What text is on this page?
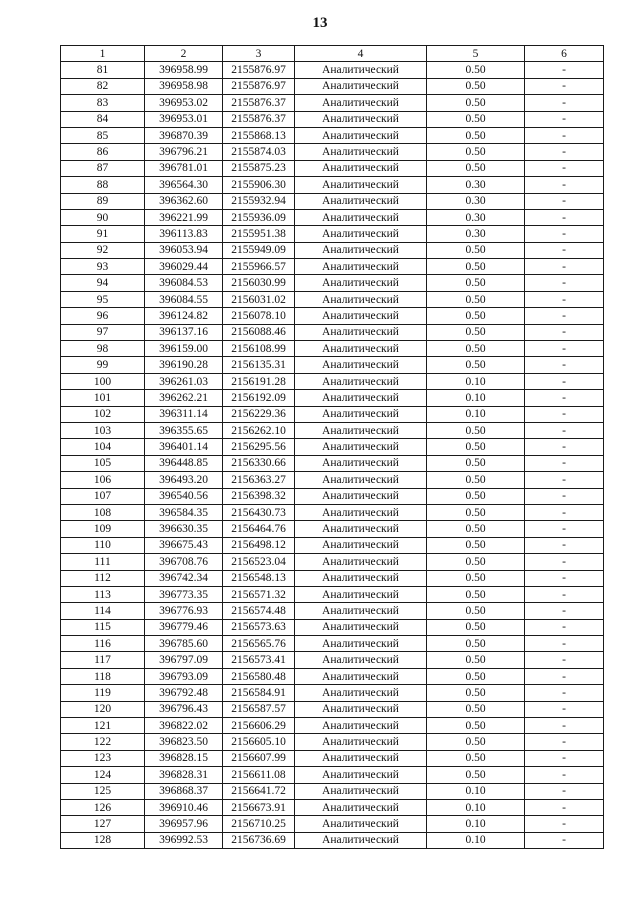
13
1	2	3	4	5	6
81	396958.99	2155876.97	Аналитический	0.50	-
82	396958.98	2155876.97	Аналитический	0.50	-
83	396953.02	2155876.37	Аналитический	0.50	-
84	396953.01	2155876.37	Аналитический	0.50	-
85	396870.39	2155868.13	Аналитический	0.50	-
86	396796.21	2155874.03	Аналитический	0.50	-
87	396781.01	2155875.23	Аналитический	0.50	-
88	396564.30	2155906.30	Аналитический	0.30	-
89	396362.60	2155932.94	Аналитический	0.30	-
90	396221.99	2155936.09	Аналитический	0.30	-
91	396113.83	2155951.38	Аналитический	0.30	-
92	396053.94	2155949.09	Аналитический	0.50	-
93	396029.44	2155966.57	Аналитический	0.50	-
94	396084.53	2156030.99	Аналитический	0.50	-
95	396084.55	2156031.02	Аналитический	0.50	-
96	396124.82	2156078.10	Аналитический	0.50	-
97	396137.16	2156088.46	Аналитический	0.50	-
98	396159.00	2156108.99	Аналитический	0.50	-
99	396190.28	2156135.31	Аналитический	0.50	-
100	396261.03	2156191.28	Аналитический	0.10	-
101	396262.21	2156192.09	Аналитический	0.10	-
102	396311.14	2156229.36	Аналитический	0.10	-
103	396355.65	2156262.10	Аналитический	0.50	-
104	396401.14	2156295.56	Аналитический	0.50	-
105	396448.85	2156330.66	Аналитический	0.50	-
106	396493.20	2156363.27	Аналитический	0.50	-
107	396540.56	2156398.32	Аналитический	0.50	-
108	396584.35	2156430.73	Аналитический	0.50	-
109	396630.35	2156464.76	Аналитический	0.50	-
110	396675.43	2156498.12	Аналитический	0.50	-
111	396708.76	2156523.04	Аналитический	0.50	-
112	396742.34	2156548.13	Аналитический	0.50	-
113	396773.35	2156571.32	Аналитический	0.50	-
114	396776.93	2156574.48	Аналитический	0.50	-
115	396779.46	2156573.63	Аналитический	0.50	-
116	396785.60	2156565.76	Аналитический	0.50	-
117	396797.09	2156573.41	Аналитический	0.50	-
118	396793.09	2156580.48	Аналитический	0.50	-
119	396792.48	2156584.91	Аналитический	0.50	-
120	396796.43	2156587.57	Аналитический	0.50	-
121	396822.02	2156606.29	Аналитический	0.50	-
122	396823.50	2156605.10	Аналитический	0.50	-
123	396828.15	2156607.99	Аналитический	0.50	-
124	396828.31	2156611.08	Аналитический	0.50	-
125	396868.37	2156641.72	Аналитический	0.10	-
126	396910.46	2156673.91	Аналитический	0.10	-
127	396957.96	2156710.25	Аналитический	0.10	-
128	396992.53	2156736.69	Аналитический	0.10	-
